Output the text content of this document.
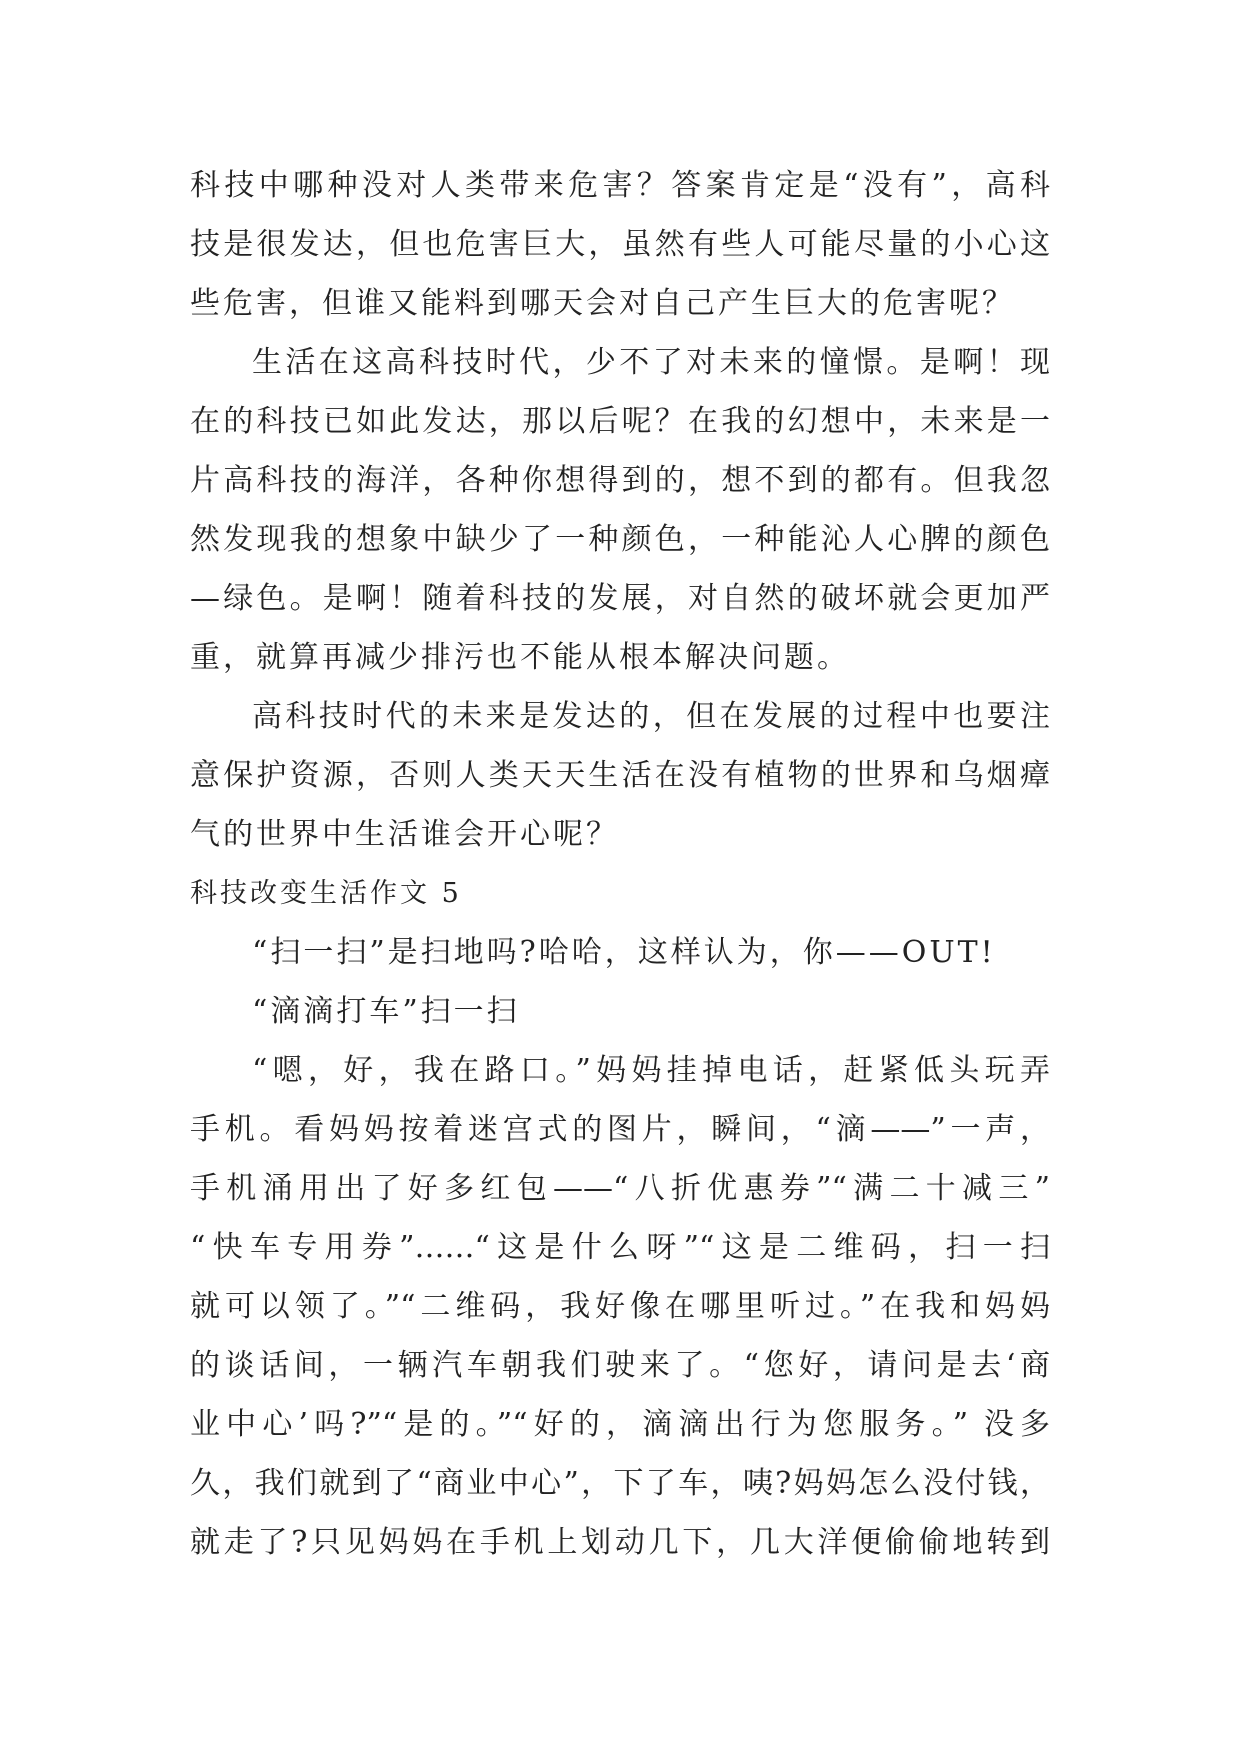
科技中哪种没对人类带来危害？答案肯定是“没有”，高科
技是很发达，但也危害巨大，虽然有些人可能尽量的小心这
些危害，但谁又能料到哪天会对自己产生巨大的危害呢？
生活在这高科技时代，少不了对未来的憧憬。是啊！现
在的科技已如此发达，那以后呢？在我的幻想中，未来是一
片高科技的海洋，各种你想得到的，想不到的都有。但我忽
然发现我的想象中缺少了一种颜色，一种能沁人心脾的颜色
—绿色。是啊！随着科技的发展，对自然的破坏就会更加严
重，就算再减少排污也不能从根本解决问题。
高科技时代的未来是发达的，但在发展的过程中也要注
意保护资源，否则人类天天生活在没有植物的世界和乌烟瘴
气的世界中生活谁会开心呢？
科技改变生活作文 5
“扫一扫”是扫地吗?哈哈，这样认为，你——OUT!
“滴滴打车”扫一扫
“嗯，好，我在路口。”妈妈挂掉电话，赶紧低头玩弄
手机。看妈妈按着迷宫式的图片，瞬间，“滴——”一声，
手机涌用出了好多红包——“八折优惠券”“满二十减三”
“快车专用券”……“这是什么呀”“这是二维码，扫一扫
就可以领了。”“二维码，我好像在哪里听过。”在我和妈妈
的谈话间，一辆汽车朝我们驶来了。“您好，请问是去‘商
业中心’吗?”“是的。”“好的，滴滴出行为您服务。” 没多
久，我们就到了“商业中心”，下了车，咦?妈妈怎么没付钱，
就走了?只见妈妈在手机上划动几下，几大洋便偷偷地转到
